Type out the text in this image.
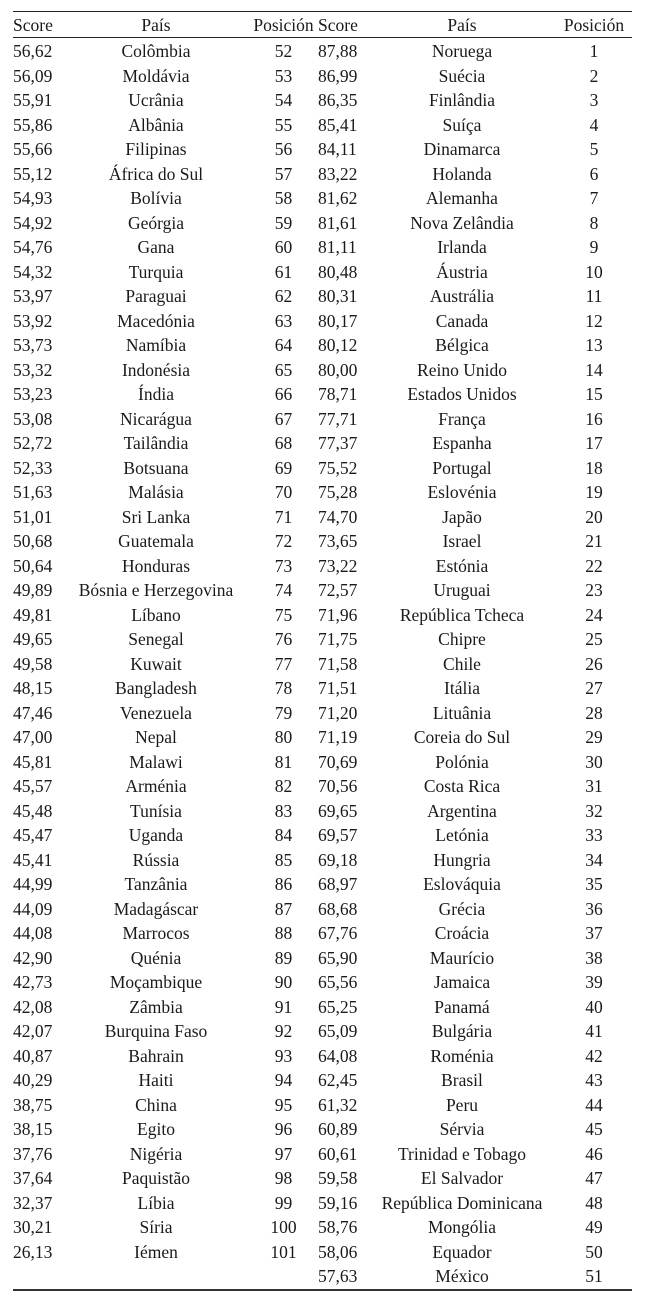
Score	País	Posición
56,62	Colômbia	52
56,09	Moldávia	53
55,91	Ucrânia	54
55,86	Albânia	55
55,66	Filipinas	56
55,12	África do Sul	57
54,93	Bolívia	58
54,92	Geórgia	59
54,76	Gana	60
54,32	Turquia	61
53,97	Paraguai	62
53,92	Macedónia	63
53,73	Namíbia	64
53,32	Indonésia	65
53,23	Índia	66
53,08	Nicarágua	67
52,72	Tailândia	68
52,33	Botsuana	69
51,63	Malásia	70
51,01	Sri Lanka	71
50,68	Guatemala	72
50,64	Honduras	73
49,89	Bósnia e Herzegovina	74
49,81	Líbano	75
49,65	Senegal	76
49,58	Kuwait	77
48,15	Bangladesh	78
47,46	Venezuela	79
47,00	Nepal	80
45,81	Malawi	81
45,57	Arménia	82
45,48	Tunísia	83
45,47	Uganda	84
45,41	Rússia	85
44,99	Tanzânia	86
44,09	Madagáscar	87
44,08	Marrocos	88
42,90	Quénia	89
42,73	Moçambique	90
42,08	Zâmbia	91
42,07	Burquina Faso	92
40,87	Bahrain	93
40,29	Haiti	94
38,75	China	95
38,15	Egito	96
37,76	Nigéria	97
37,64	Paquistão	98
32,37	Líbia	99
30,21	Síria	100
26,13	Iémen	101

Score	País	Posición
87,88	Noruega	1
86,99	Suécia	2
86,35	Finlândia	3
85,41	Suíça	4
84,11	Dinamarca	5
83,22	Holanda	6
81,62	Alemanha	7
81,61	Nova Zelândia	8
81,11	Irlanda	9
80,48	Áustria	10
80,31	Austrália	11
80,17	Canada	12
80,12	Bélgica	13
80,00	Reino Unido	14
78,71	Estados Unidos	15
77,71	França	16
77,37	Espanha	17
75,52	Portugal	18
75,28	Eslovénia	19
74,70	Japão	20
73,65	Israel	21
73,22	Estónia	22
72,57	Uruguai	23
71,96	República Tcheca	24
71,75	Chipre	25
71,58	Chile	26
71,51	Itália	27
71,20	Lituânia	28
71,19	Coreia do Sul	29
70,69	Polónia	30
70,56	Costa Rica	31
69,65	Argentina	32
69,57	Letónia	33
69,18	Hungria	34
68,97	Eslováquia	35
68,68	Grécia	36
67,76	Croácia	37
65,90	Maurício	38
65,56	Jamaica	39
65,25	Panamá	40
65,09	Bulgária	41
64,08	Roménia	42
62,45	Brasil	43
61,32	Peru	44
60,89	Sérvia	45
60,61	Trinidad e Tobago	46
59,58	El Salvador	47
59,16	República Dominicana	48
58,76	Mongólia	49
58,06	Equador	50
57,63	México	51
